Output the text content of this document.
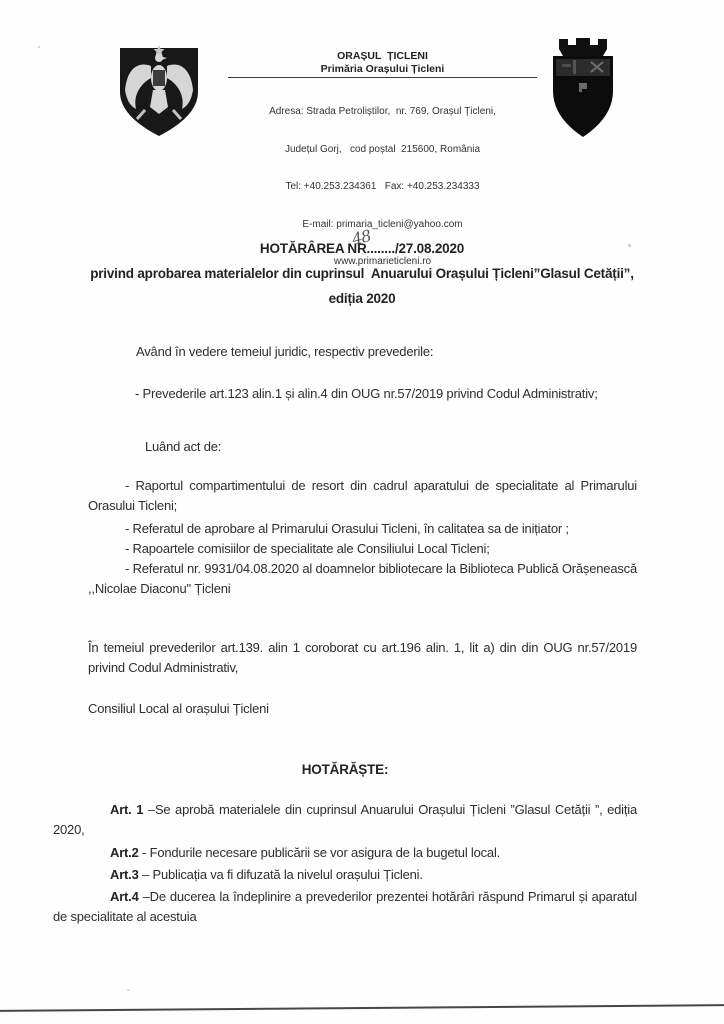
ORAȘUL  ȚICLENI
Primăria Orașului Țicleni

Adresa: Strada Petroliștilor,  nr. 769, Orașul Țicleni,

Județul Gorj,   cod poștal  215600, România

Tel: +40.253.234361   Fax: +40.253.234333

E-mail: primaria_ticleni@yahoo.com

www.primarieticleni.ro

HOTĂRÂREA NR......../27.08.2020
privind aprobarea materialelor din cuprinsul  Anuarului Orașului Țicleni”Glasul Cetății”,
ediția 2020
48
Având în vedere temeiul juridic, respectiv prevederile:
- Prevederile art.123 alin.1 și alin.4 din OUG nr.57/2019 privind Codul Administrativ;
Luând act de:
- Raportul compartimentului de resort din cadrul aparatului de specialitate al Primarului Orasului Ticleni;
- Referatul de aprobare al Primarului Orasului Ticleni, în calitatea sa de inițiator ;
- Rapoartele comisiilor de specialitate ale Consiliului Local Ticleni;
- Referatul nr. 9931/04.08.2020 al doamnelor bibliotecare la Biblioteca Publică Orășenească ,,Nicolae Diaconu" Țicleni
În temeiul prevederilor art.139. alin 1 coroborat cu art.196 alin. 1, lit a) din din OUG nr.57/2019 privind Codul Administrativ,
Consiliul Local al orașului Țicleni
HOTĂRĂȘTE:
Art. 1 –Se aprobă materialele din cuprinsul Anuarului Orașului Țicleni ”Glasul Cetății ”, ediția 2020,
Art.2 - Fondurile necesare publicării se vor asigura de la bugetul local.
Art.3 – Publicația va fi difuzată la nivelul orașului Țicleni.
Art.4 –De ducerea la îndeplinire a prevederilor prezentei hotărâri răspund Primarul și aparatul de specialitate al acestuia
